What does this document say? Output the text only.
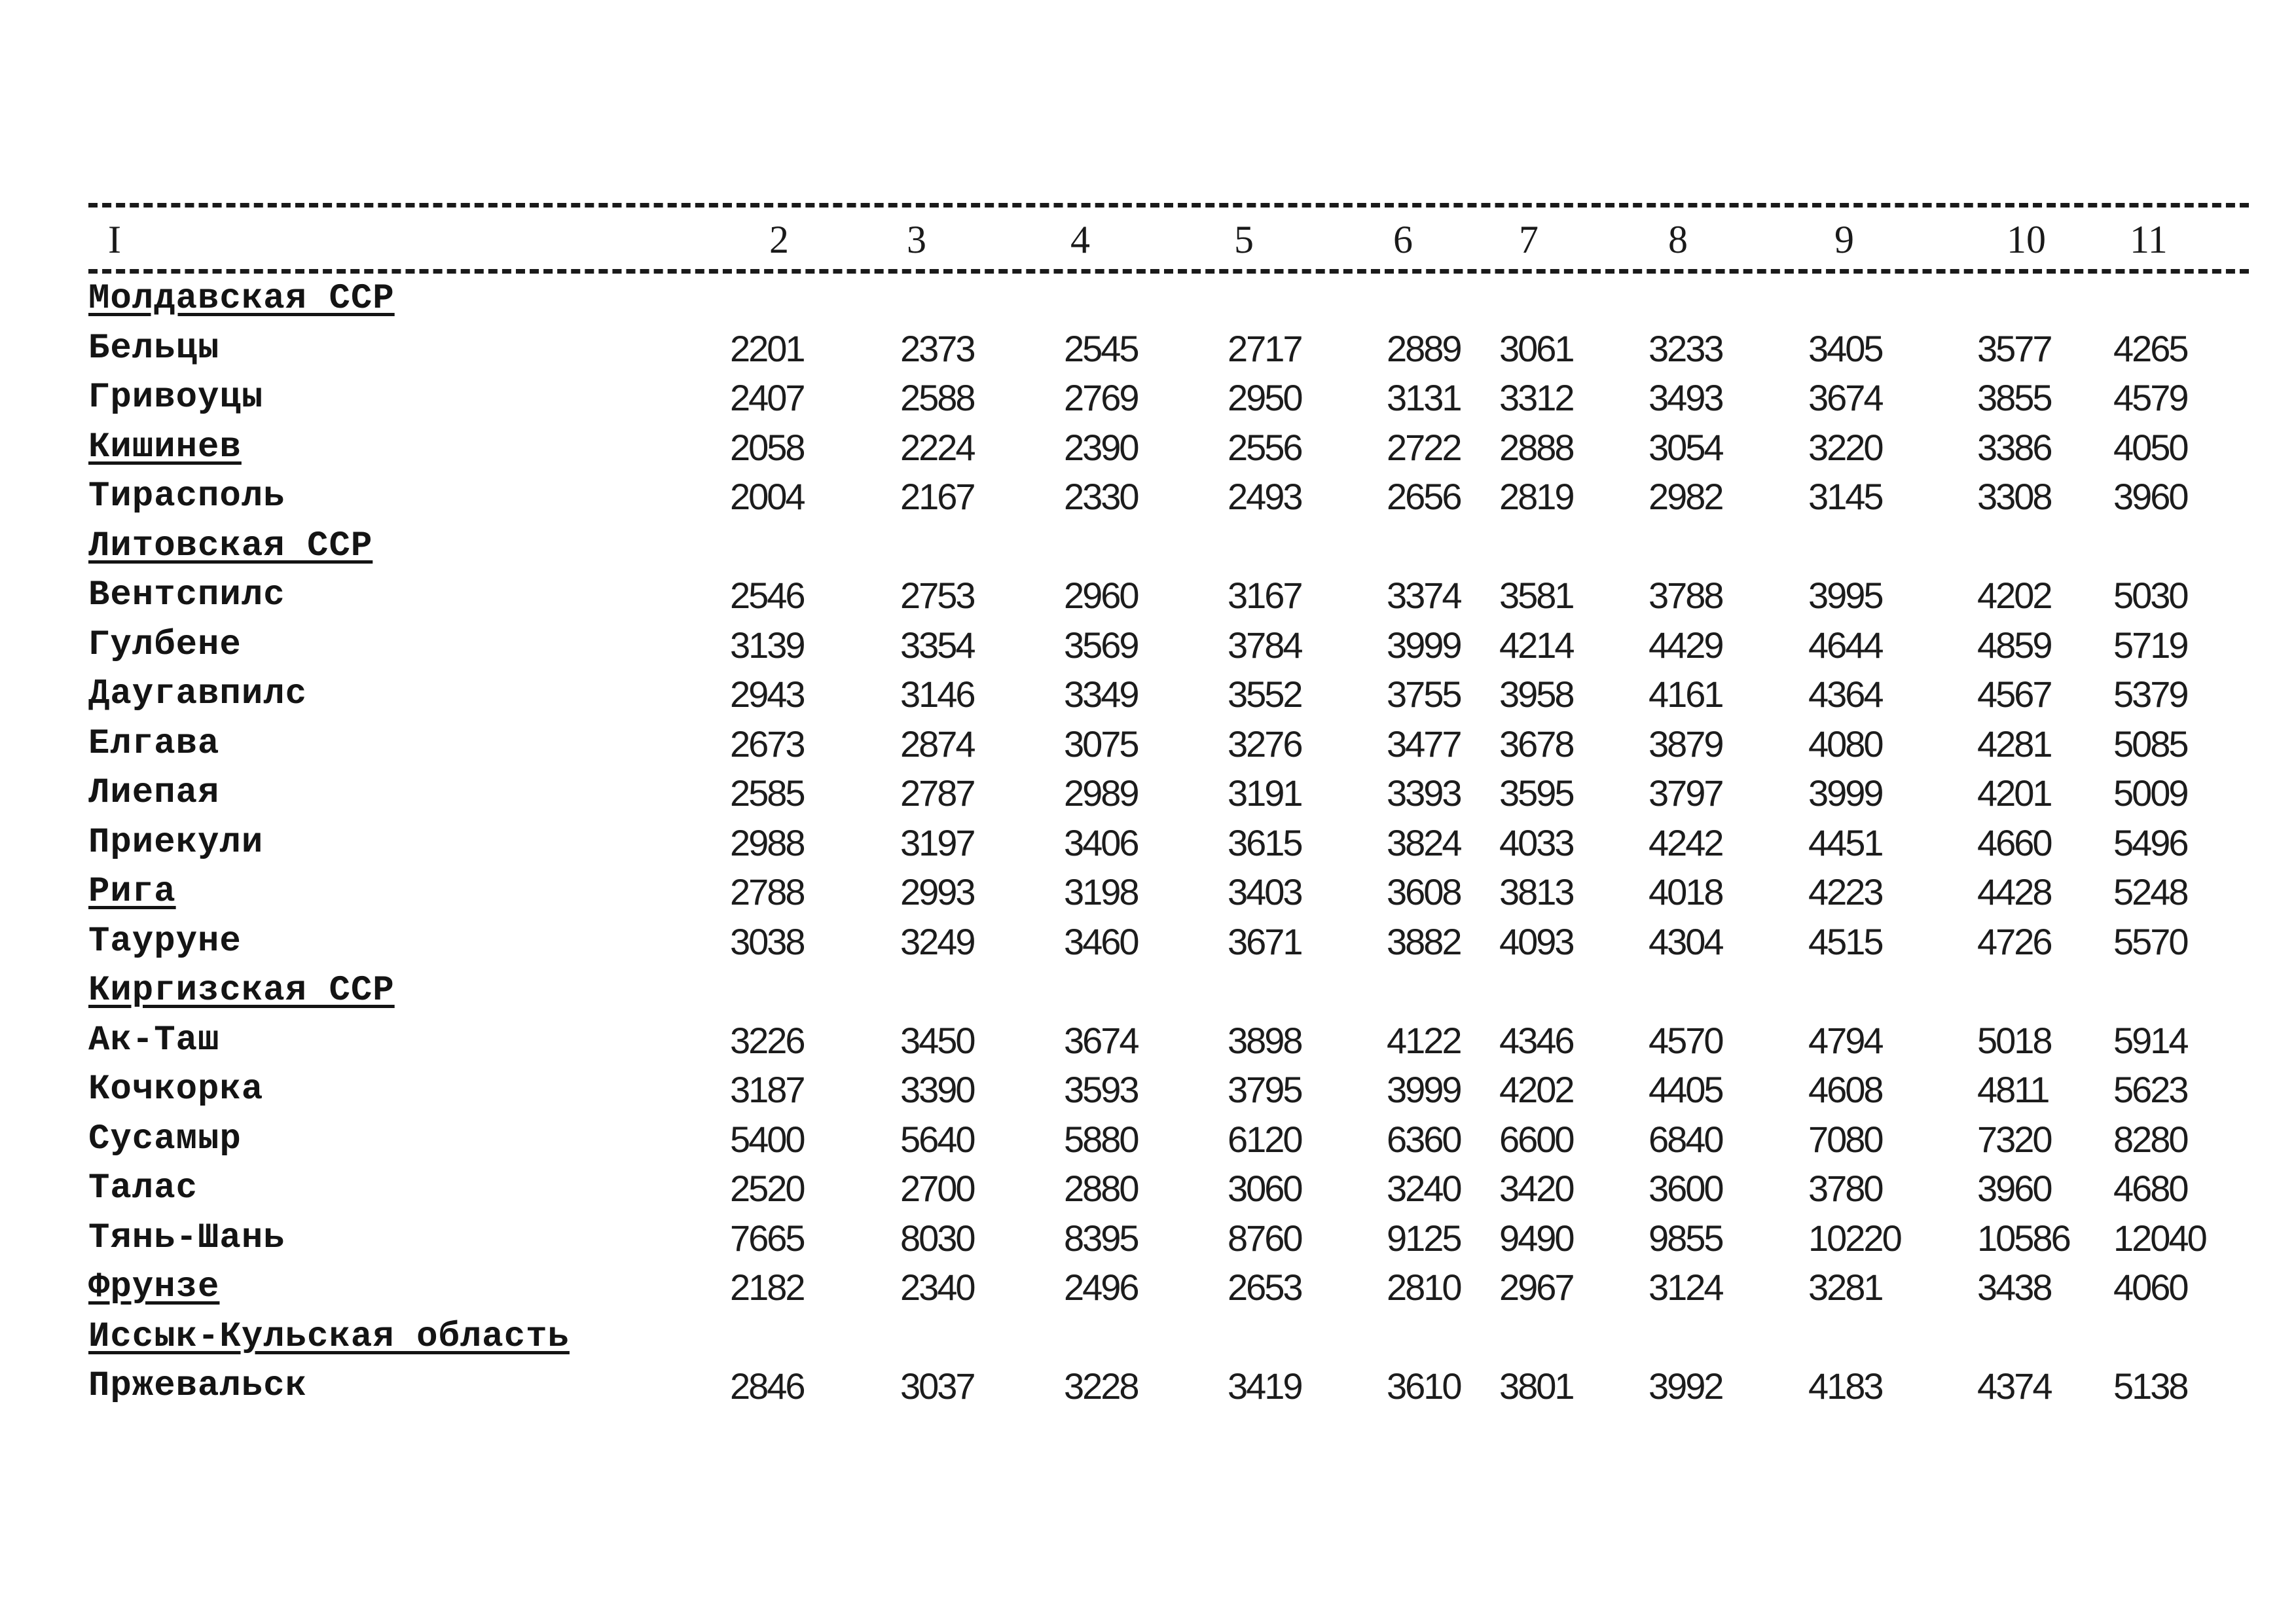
I	2	3	4	5	6	7	8	9	10	11

Молдавская ССР										
Бельцы	2201	2373	2545	2717	2889	3061	3233	3405	3577	4265
Гривоуцы	2407	2588	2769	2950	3131	3312	3493	3674	3855	4579
Кишинев	2058	2224	2390	2556	2722	2888	3054	3220	3386	4050
Тирасполь	2004	2167	2330	2493	2656	2819	2982	3145	3308	3960
Литовская ССР										
Вентспилс	2546	2753	2960	3167	3374	3581	3788	3995	4202	5030
Гулбене	3139	3354	3569	3784	3999	4214	4429	4644	4859	5719
Даугавпилс	2943	3146	3349	3552	3755	3958	4161	4364	4567	5379
Елгава	2673	2874	3075	3276	3477	3678	3879	4080	4281	5085
Лиепая	2585	2787	2989	3191	3393	3595	3797	3999	4201	5009
Приекули	2988	3197	3406	3615	3824	4033	4242	4451	4660	5496
Рига	2788	2993	3198	3403	3608	3813	4018	4223	4428	5248
Тауруне	3038	3249	3460	3671	3882	4093	4304	4515	4726	5570
Киргизская ССР										
Ак-Таш	3226	3450	3674	3898	4122	4346	4570	4794	5018	5914
Кочкорка	3187	3390	3593	3795	3999	4202	4405	4608	4811	5623
Сусамыр	5400	5640	5880	6120	6360	6600	6840	7080	7320	8280
Талас	2520	2700	2880	3060	3240	3420	3600	3780	3960	4680
Тянь-Шань	7665	8030	8395	8760	9125	9490	9855	10220	10586	12040
Фрунзе	2182	2340	2496	2653	2810	2967	3124	3281	3438	4060
Иссык-Кульская область										
Пржевальск	2846	3037	3228	3419	3610	3801	3992	4183	4374	5138
